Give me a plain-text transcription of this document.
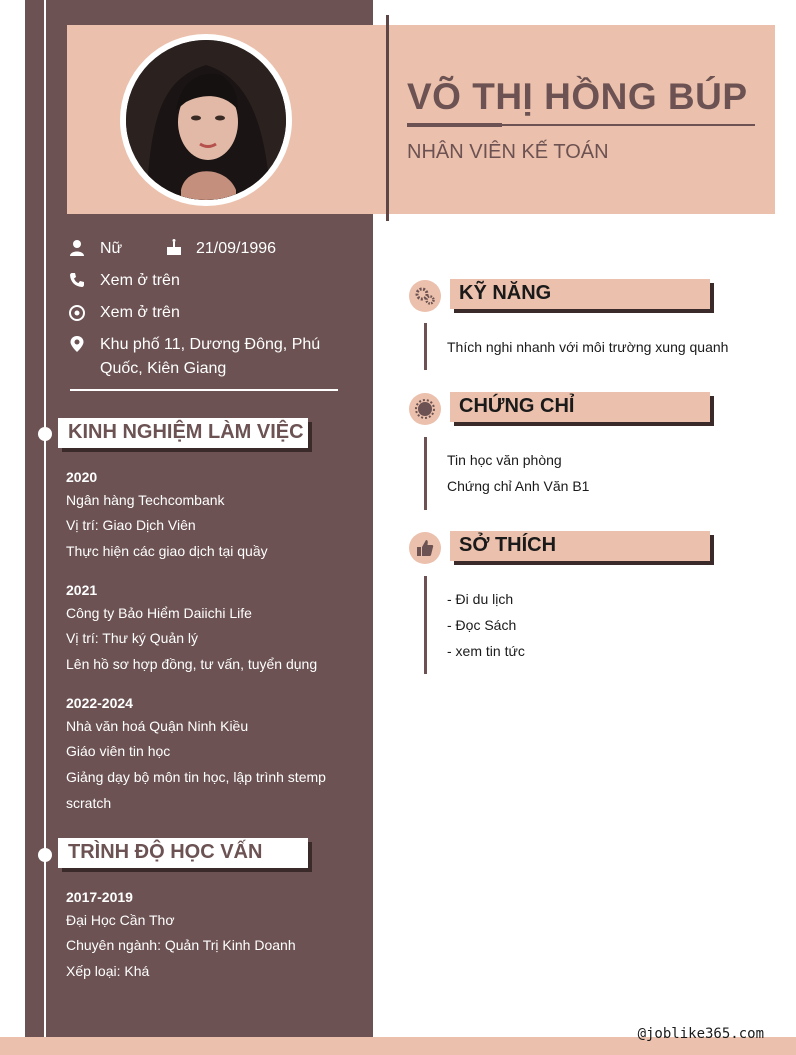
VÕ THỊ HỒNG BÚP
NHÂN VIÊN KẾ TOÁN
Nữ	21/09/1996
Xem ở trên
Xem ở trên
Khu phố 11, Dương Đông, Phú
Quốc, Kiên Giang
KINH NGHIỆM LÀM VIỆC
2020
Ngân hàng Techcombank
Vị trí: Giao Dịch Viên
Thực hiện các giao dịch tại quầy
2021
Công ty Bảo Hiểm Daiichi Life
Vị trí: Thư ký Quản lý
Lên hồ sơ hợp đồng, tư vấn, tuyển dụng
2022-2024
Nhà văn hoá Quận Ninh Kiều
Giáo viên tin học
Giảng dạy bộ môn tin học, lập trình stemp
scratch
TRÌNH ĐỘ HỌC VẤN
2017-2019
Đại Học Cần Thơ
Chuyên ngành: Quản Trị Kinh Doanh
Xếp loại: Khá
KỸ NĂNG
Thích nghi nhanh với môi trường xung quanh
CHỨNG CHỈ
Tin học văn phòng
Chứng chỉ Anh Văn B1
SỞ THÍCH
- Đi du lịch
- Đọc Sách
- xem tin tức
@joblike365.com
